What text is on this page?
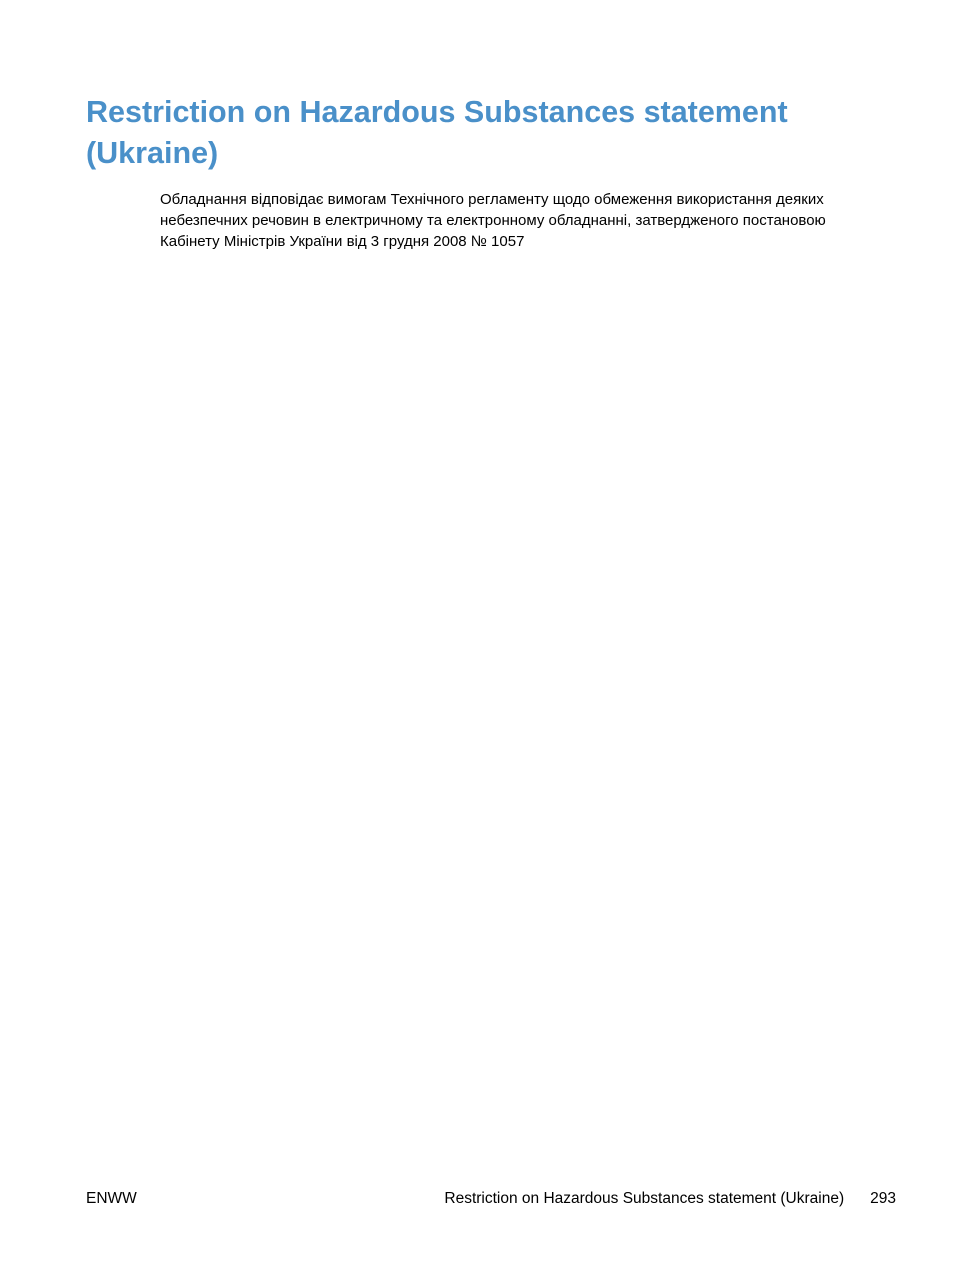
Restriction on Hazardous Substances statement (Ukraine)

Обладнання відповідає вимогам Технічного регламенту щодо обмеження використання деяких
небезпечних речовин в електричному та електронному обладнанні, затвердженого постановою
Кабінету Міністрів України від 3 грудня 2008 № 1057

ENWW	Restriction on Hazardous Substances statement (Ukraine) 293
